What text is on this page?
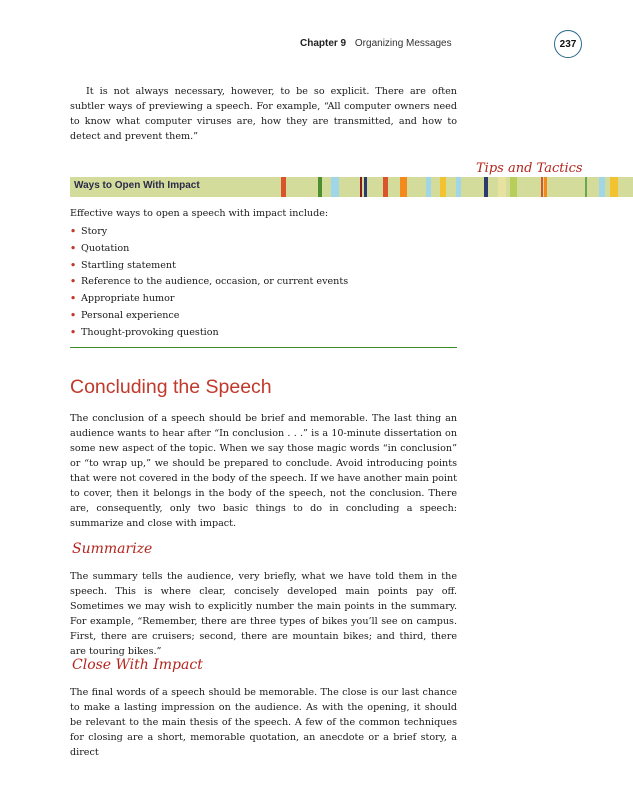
Chapter 9 Organizing Messages	237

It is not always necessary, however, to be so explicit. There are often subtler ways of previewing a speech. For example, “All computer owners need to know what computer viruses are, how they are transmitted, and how to detect and prevent them.”

Tips and Tactics
Ways to Open With Impact
Effective ways to open a speech with impact include:
• Story
• Quotation
• Startling statement
• Reference to the audience, occasion, or current events
• Appropriate humor
• Personal experience
• Thought-provoking question
Concluding the Speech

The conclusion of a speech should be brief and memorable. The last thing an audience wants to hear after “In conclusion . . .” is a 10-minute dissertation on some new aspect of the topic. When we say those magic words “in conclusion” or “to wrap up,” we should be prepared to conclude. Avoid introducing points that were not covered in the body of the speech. If we have another main point to cover, then it belongs in the body of the speech, not the conclusion. There are, consequently, only two basic things to do in concluding a speech: summarize and close with impact.

Summarize

The summary tells the audience, very briefly, what we have told them in the speech. This is where clear, concisely developed main points pay off. Sometimes we may wish to explicitly number the main points in the summary. For example, “Remember, there are three types of bikes you’ll see on campus. First, there are cruisers; second, there are mountain bikes; and third, there are touring bikes.”

Close With Impact

The final words of a speech should be memorable. The close is our last chance to make a lasting impression on the audience. As with the opening, it should be relevant to the main thesis of the speech. A few of the common techniques for closing are a short, memorable quotation, an anecdote or a brief story, a direct
